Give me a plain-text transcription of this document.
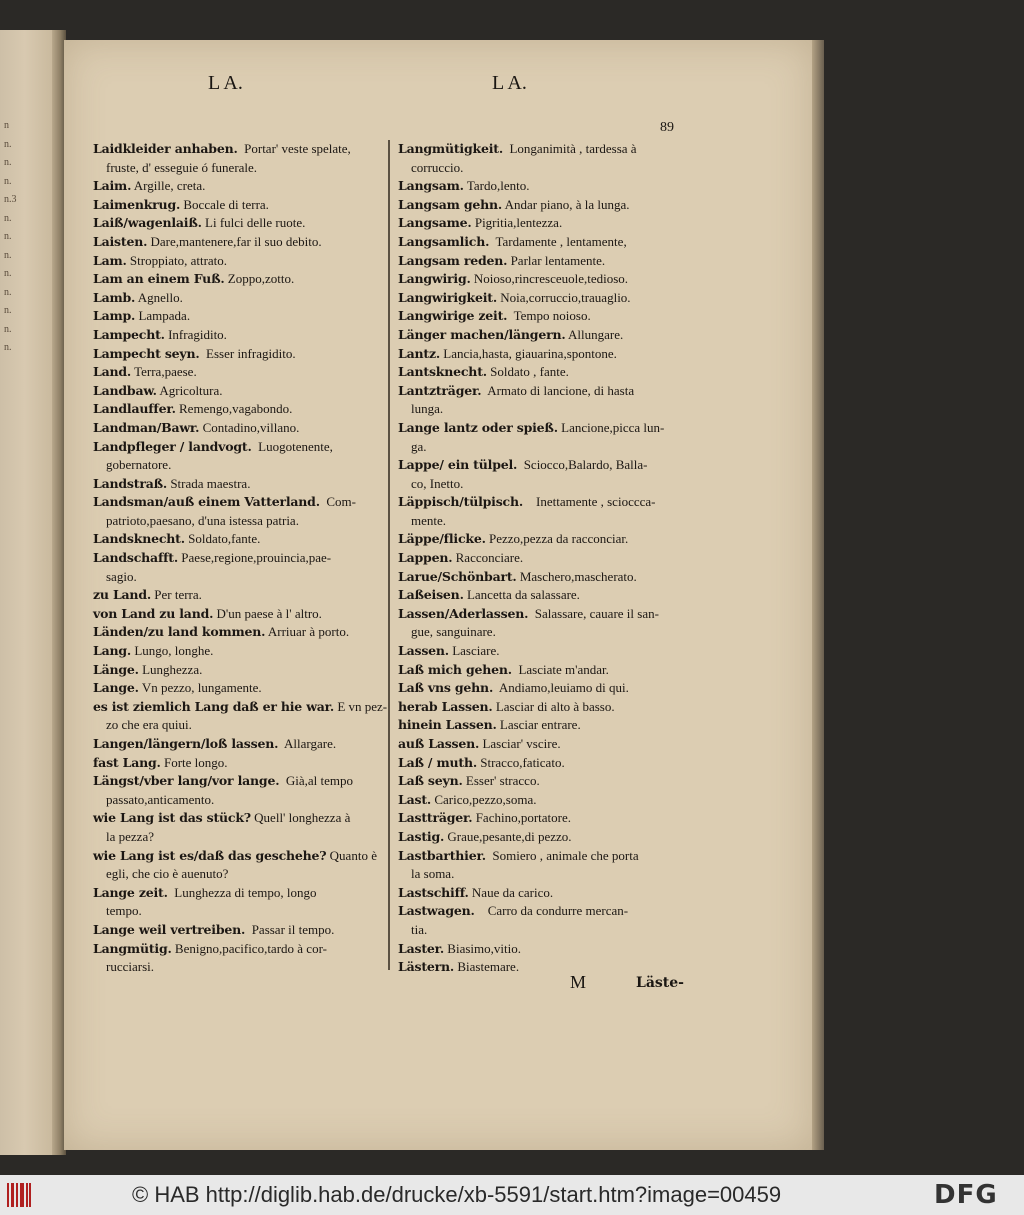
n
n.
n.
n.
n.3
n.
n.
n.
n.
n.
n.
n.
n.
L A.	L A.
89
Laidkleider anhaben.  Portar' veste spelate,
fruste, d' esseguie ó funerale.
Laim. Argille, creta.
Laimenkrug. Boccale di terra.
Laiß/wagenlaiß. Li fulci delle ruote.
Laisten. Dare,mantenere,far il suo debito.
Lam. Stroppiato, attrato.
Lam an einem Fuß. Zoppo,zotto.
Lamb. Agnello.
Lamp. Lampada.
Lampecht. Infragidito.
Lampecht seyn.  Esser infragidito.
Land. Terra,paese.
Landbaw. Agricoltura.
Landlauffer. Remengo,vagabondo.
Landman/Bawr. Contadino,villano.
Landpfleger / landvogt.  Luogotenente,
gobernatore.
Landstraß. Strada maestra.
Landsman/auß einem Vatterland.  Com-
patrioto,paesano, d'una istessa patria.
Landsknecht. Soldato,fante.
Landschafft. Paese,regione,prouincia,pae-
sagio.
zu Land. Per terra.
von Land zu land. D'un paese à l' altro.
Länden/zu land kommen. Arriuar à porto.
Lang. Lungo, longhe.
Länge. Lunghezza.
Lange. Vn pezzo, lungamente.
es ist ziemlich Lang daß er hie war. E vn pez-
zo che era quiui.
Langen/längern/loß lassen.  Allargare.
fast Lang. Forte longo.
Längst/vber lang/vor lange.  Già,al tempo
passato,anticamento.
wie Lang ist das stück? Quell' longhezza à
la pezza?
wie Lang ist es/daß das geschehe? Quanto è
egli, che cio è auenuto?
Lange zeit.  Lunghezza di tempo, longo
tempo.
Lange weil vertreiben.  Passar il tempo.
Langmütig. Benigno,pacifico,tardo à cor-
rucciarsi.
Langmütigkeit.  Longanimità , tardessa à
corruccio.
Langsam. Tardo,lento.
Langsam gehn. Andar piano, à la lunga.
Langsame. Pigritia,lentezza.
Langsamlich.  Tardamente , lentamente,
Langsam reden. Parlar lentamente.
Langwirig. Noioso,rincresceuole,tedioso.
Langwirigkeit. Noia,corruccio,trauaglio.
Langwirige zeit.  Tempo noioso.
Länger machen/längern. Allungare.
Lantz. Lancia,hasta, giauarina,spontone.
Lantsknecht. Soldato , fante.
Lantzträger.  Armato di lancione, di hasta
lunga.
Lange lantz oder spieß. Lancione,picca lun-
ga.
Lappe/ ein tülpel.  Sciocco,Balardo, Balla-
co, Inetto.
Läppisch/tülpisch.    Inettamente , scioccca-
mente.
Läppe/flicke. Pezzo,pezza da racconciar.
Lappen. Racconciare.
Larue/Schönbart. Maschero,mascherato.
Laßeisen. Lancetta da salassare.
Lassen/Aderlassen.  Salassare, cauare il san-
gue, sanguinare.
Lassen. Lasciare.
Laß mich gehen.  Lasciate m'andar.
Laß vns gehn.  Andiamo,leuiamo di qui.
herab Lassen. Lasciar di alto à basso.
hinein Lassen. Lasciar entrare.
auß Lassen. Lasciar' vscire.
Laß / muth. Stracco,faticato.
Laß seyn. Esser' stracco.
Last. Carico,pezzo,soma.
Lastträger. Fachino,portatore.
Lastig. Graue,pesante,di pezzo.
Lastbarthier.  Somiero , animale che porta
la soma.
Lastschiff. Naue da carico.
Lastwagen.    Carro da condurre mercan-
tia.
Laster. Biasimo,vitio.
Lästern. Biastemare.
M	Läste-
© HAB http://diglib.hab.de/drucke/xb-5591/start.htm?image=00459	DFG
